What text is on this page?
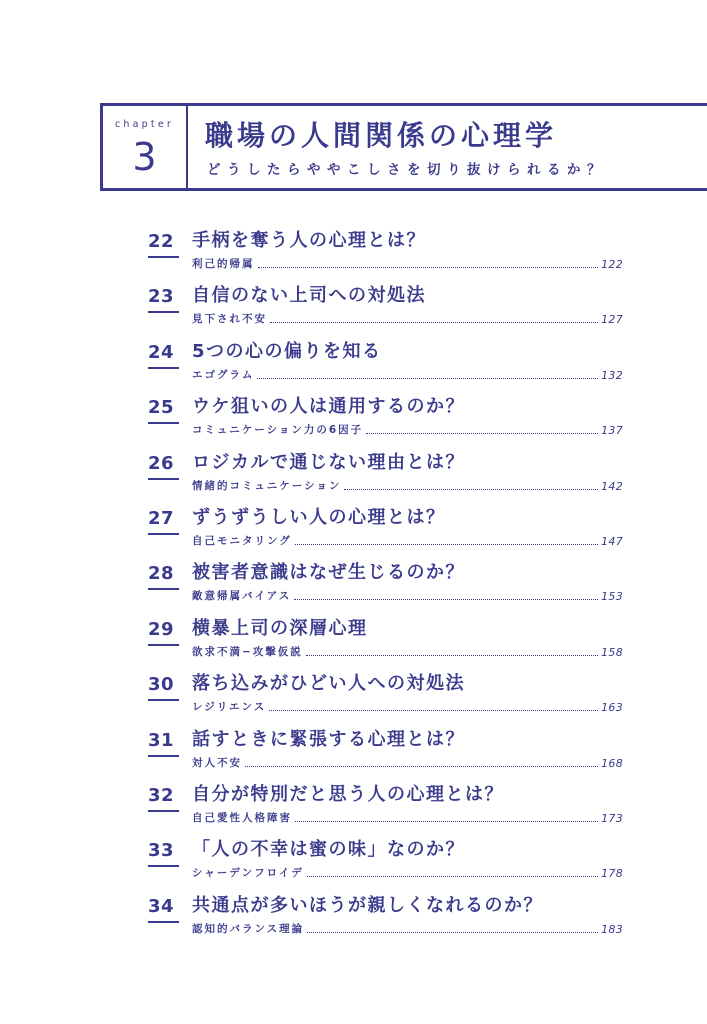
chapter
3	職場の人間関係の心理学
どうしたらややこしさを切り抜けられるか？
22 手柄を奪う人の心理とは？
利己的帰属	122
23 自信のない上司への対処法
見下され不安	127
24 5つの心の偏りを知る
エゴグラム	132
25 ウケ狙いの人は通用するのか？
コミュニケーション力の6因子	137
26 ロジカルで通じない理由とは？
情緒的コミュニケーション	142
27 ずうずうしい人の心理とは？
自己モニタリング	147
28 被害者意識はなぜ生じるのか？
敵意帰属バイアス	153
29 横暴上司の深層心理
欲求不満−攻撃仮説	158
30 落ち込みがひどい人への対処法
レジリエンス	163
31 話すときに緊張する心理とは？
対人不安	168
32 自分が特別だと思う人の心理とは？
自己愛性人格障害	173
33 「人の不幸は蜜の味」なのか？
シャーデンフロイデ	178
34 共通点が多いほうが親しくなれるのか？
認知的バランス理論	183
